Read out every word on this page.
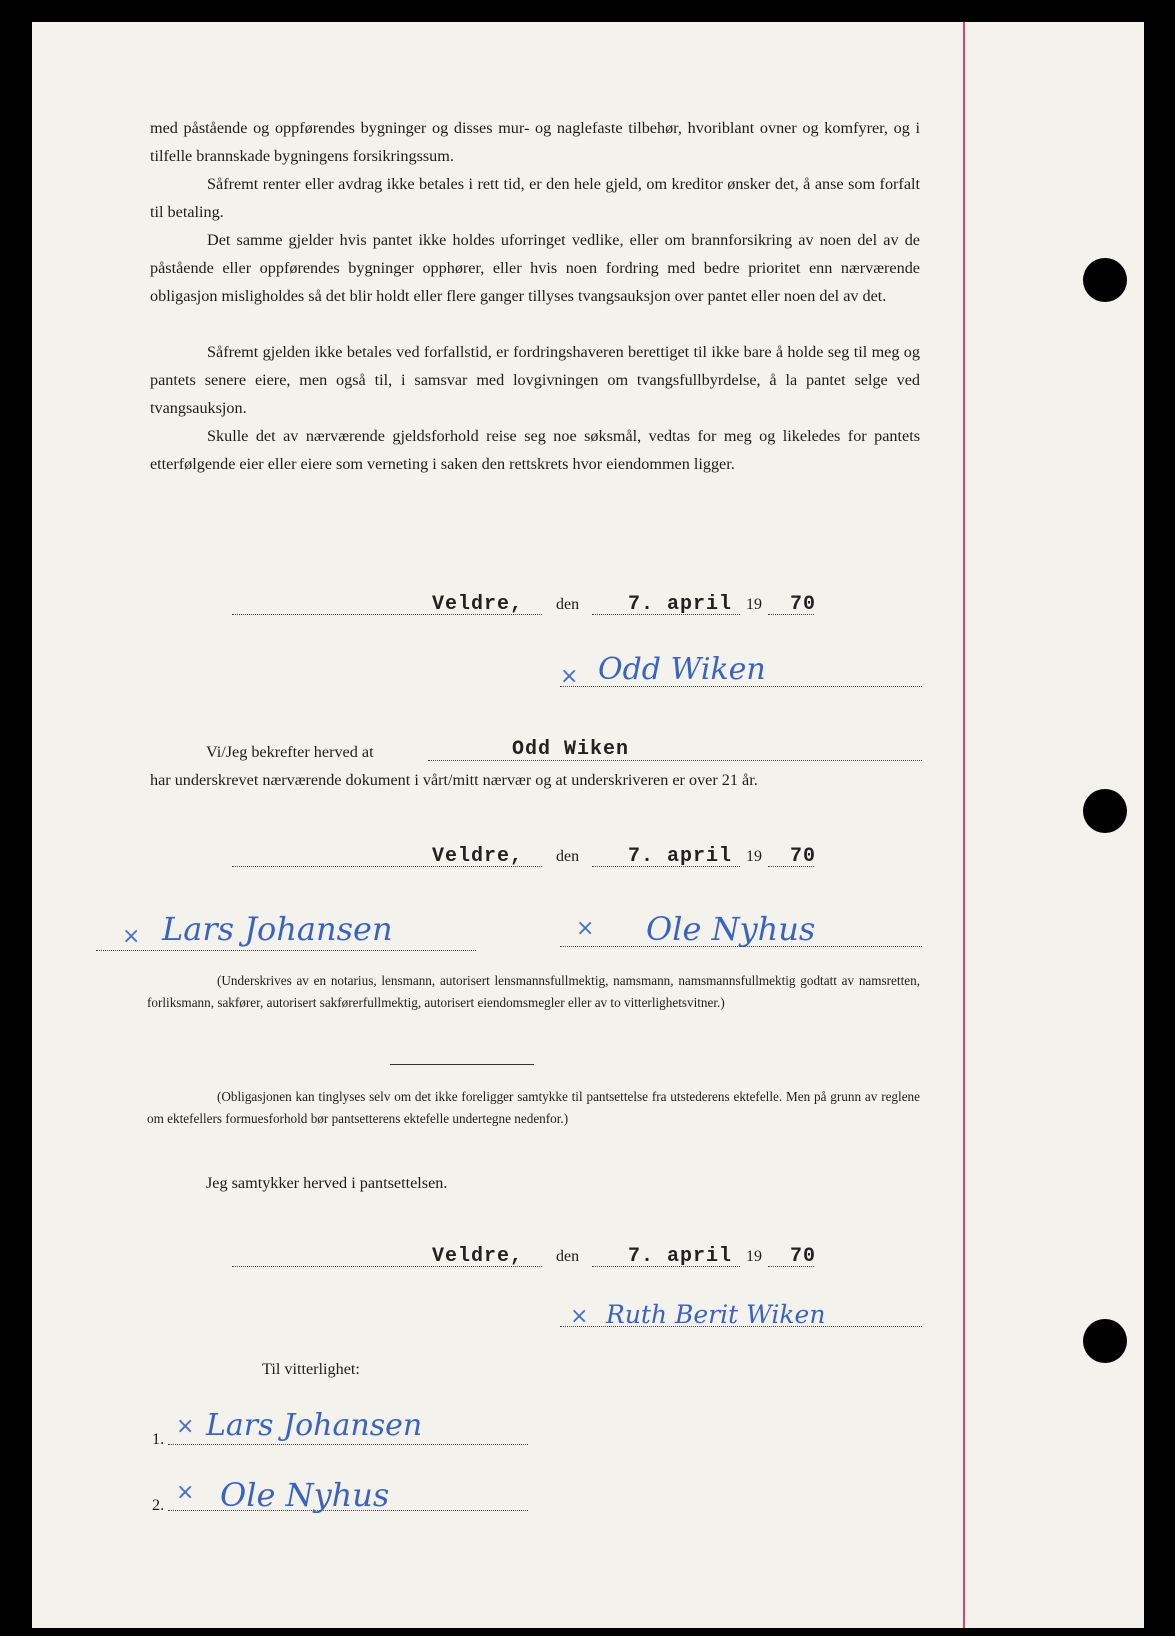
med påstående og oppførendes bygninger og disses mur- og naglefaste tilbehør, hvoriblant ovner og komfyrer, og i tilfelle brannskade bygningens forsikringssum.

Såfremt renter eller avdrag ikke betales i rett tid, er den hele gjeld, om kreditor ønsker det, å anse som forfalt til betaling.

Det samme gjelder hvis pantet ikke holdes uforringet vedlike, eller om brannforsikring av noen del av de påstående eller oppførendes bygninger opphører, eller hvis noen fordring med bedre prioritet enn nærværende obligasjon misligholdes så det blir holdt eller flere ganger tillyses tvangsauksjon over pantet eller noen del av det.

Såfremt gjelden ikke betales ved forfallstid, er fordringshaveren berettiget til ikke bare å holde seg til meg og pantets senere eiere, men også til, i samsvar med lovgivningen om tvangsfullbyrdelse, å la pantet selge ved tvangsauksjon.

Skulle det av nærværende gjeldsforhold reise seg noe søksmål, vedtas for meg og likeledes for pantets etterfølgende eier eller eiere som verneting i saken den rettskrets hvor eiendommen ligger.

Veldre, den 7. april 19 70
× Odd Wiken
Vi/Jeg bekrefter herved at	Odd Wiken
har underskrevet nærværende dokument i vårt/mitt nærvær og at underskriveren er over 21 år.
Veldre, den 7. april 19 70
× Lars Johansen	× Ole Nyhus

(Underskrives av en notarius, lensmann, autorisert lensmannsfullmektig, namsmann, namsmannsfullmektig godtatt av namsretten, forliksmann, sakfører, autorisert sakførerfullmektig, autorisert eiendomsmegler eller av to vitterlighetsvitner.)

(Obligasjonen kan tinglyses selv om det ikke foreligger samtykke til pantsettelse fra utstederens ektefelle. Men på grunn av reglene om ektefellers formuesforhold bør pantsetterens ektefelle undertegne nedenfor.)

Jeg samtykker herved i pantsettelsen.
Veldre, den 7. april 19 70
× Ruth Berit Wiken
Til vitterlighet:
1. × Lars Johansen
2. × Ole Nyhus
